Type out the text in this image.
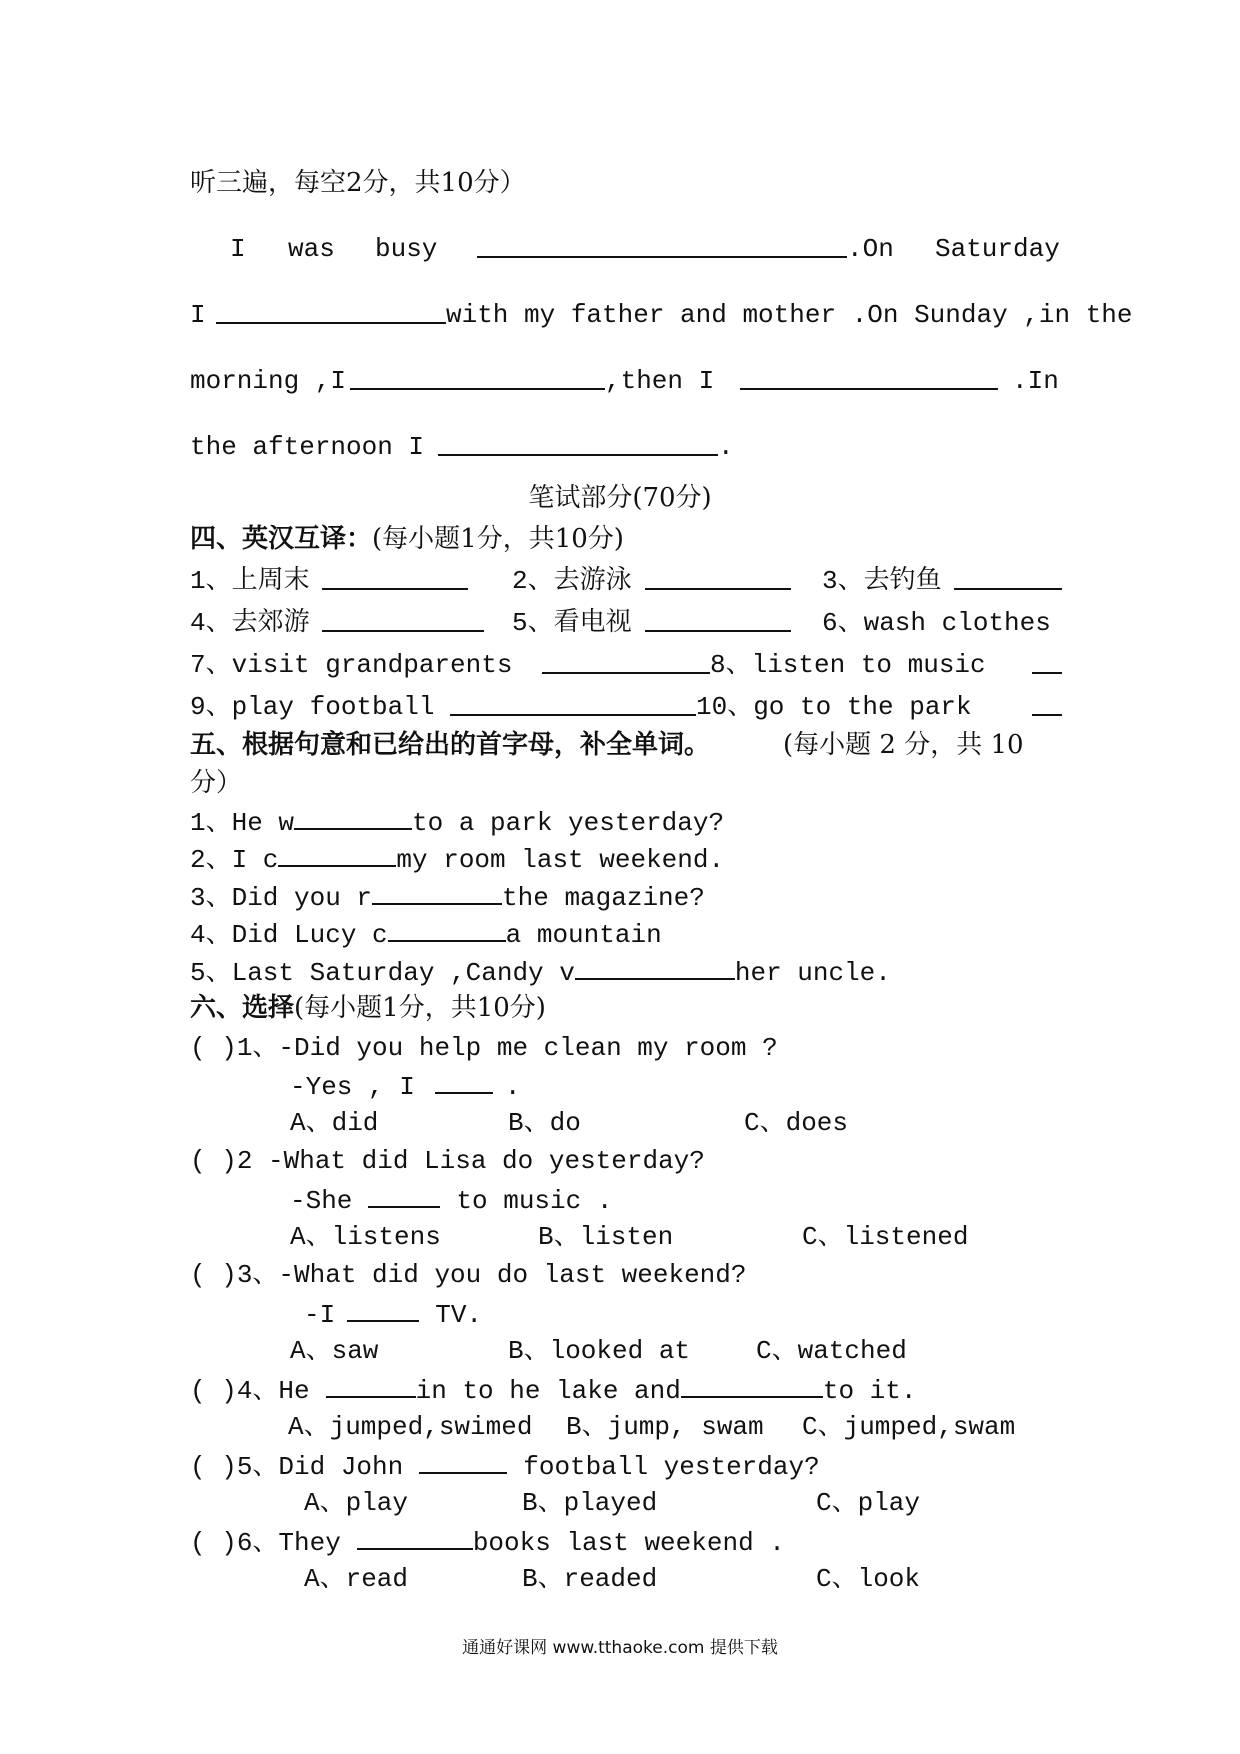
听三遍，每空2分，共10分）
I was busy	.On Saturday
I	with my father and mother .On Sunday ,in the
morning ,I	,then I	.In
the afternoon I	.
笔试部分(70分)
四、英汉互译：(每小题1分，共10分)
1、上周末	2、去游泳	3、去钓鱼
4、去郊游	5、看电视	6、wash clothes
7、visit grandparents	8、listen to music
9、play football	10、go to the park
五、根据句意和已给出的首字母，补全单词。	(每小题 2 分，共 10
分）
1、He w	to a park yesterday?
2、I c	my room last weekend.
3、Did you r	the magazine?
4、Did Lucy c	a mountain
5、Last Saturday ,Candy v	her uncle.
六、选择(每小题1分，共10分)
( )1、-Did you help me clean my room ?
-Yes , I	.
A、did	B、do	C、does
( )2 -What did Lisa do yesterday?
-She	to music .
A、listens	B、listen	C、listened
( )3、-What did you do last weekend?
-I	TV.
A、saw	B、looked at	C、watched
( )4、He	in to he lake and	to it.
A、jumped,swimed B、jump, swam C、jumped,swam
( )5、Did John	football yesterday?
A、play	B、played	C、play
( )6、They	books last weekend .
A、read	B、readed	C、look
通通好课网 www.tthaoke.com 提供下载
